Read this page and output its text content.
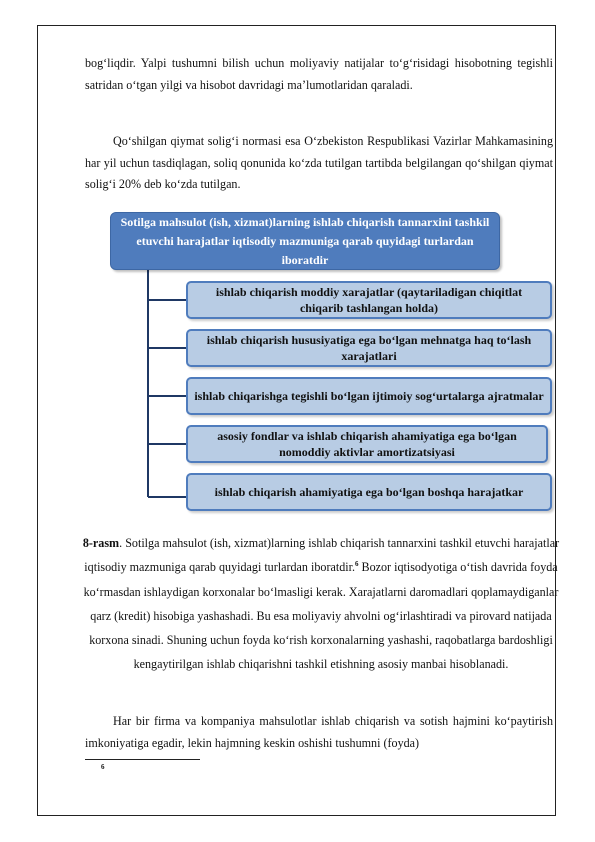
bog‘liqdir. Yalpi tushumni bilish uchun moliyaviy natijalar to‘g‘risidagi hisobotning tegishli satridan o‘tgan yilgi va hisobot davridagi ma’lumotlaridan qaraladi.

Qo‘shilgan qiymat solig‘i normasi esa O‘zbekiston Respublikasi Vazirlar Mahkamasining har yil uchun tasdiqlagan, soliq qonunida ko‘zda tutilgan tartibda belgilangan qo‘shilgan qiymat solig‘i 20% deb ko‘zda tutilgan.

Sotilga mahsulot (ish, xizmat)larning ishlab chiqarish tannarxini tashkil etuvchi harajatlar iqtisodiy mazmuniga qarab quyidagi turlardan iboratdir
ishlab chiqarish moddiy xarajatlar (qaytariladigan chiqitlat chiqarib tashlangan holda)
ishlab chiqarish hususiyatiga ega bo‘lgan mehnatga haq to‘lash xarajatlari
ishlab chiqarishga tegishli bo‘lgan ijtimoiy sog‘urtalarga ajratmalar
asosiy fondlar va ishlab chiqarish ahamiyatiga ega bo‘lgan nomoddiy aktivlar amortizatsiyasi
ishlab chiqarish ahamiyatiga ega bo‘lgan boshqa harajatkar

8-rasm. Sotilga mahsulot (ish, xizmat)larning ishlab chiqarish tannarxini tashkil etuvchi harajatlar iqtisodiy mazmuniga qarab quyidagi turlardan iboratdir.$^6$ Bozor iqtisodyotiga o‘tish davrida foyda ko‘rmasdan ishlaydigan korxonalar bo‘lmasligi kerak. Xarajatlarni daromadlari qoplamaydiganlar qarz (kredit) hisobiga yashashadi. Bu esa moliyaviy ahvolni og‘irlashtiradi va pirovard natijada korxona sinadi. Shuning uchun foyda ko‘rish korxonalarning yashashi, raqobatlarga bardoshligi kengaytirilgan ishlab chiqarishni tashkil etishning asosiy manbai hisoblanadi.

Har bir firma va kompaniya mahsulotlar ishlab chiqarish va sotish hajmini ko‘paytirish imkoniyatiga egadir, lekin hajmning keskin oshishi tushumni (foyda)

6
